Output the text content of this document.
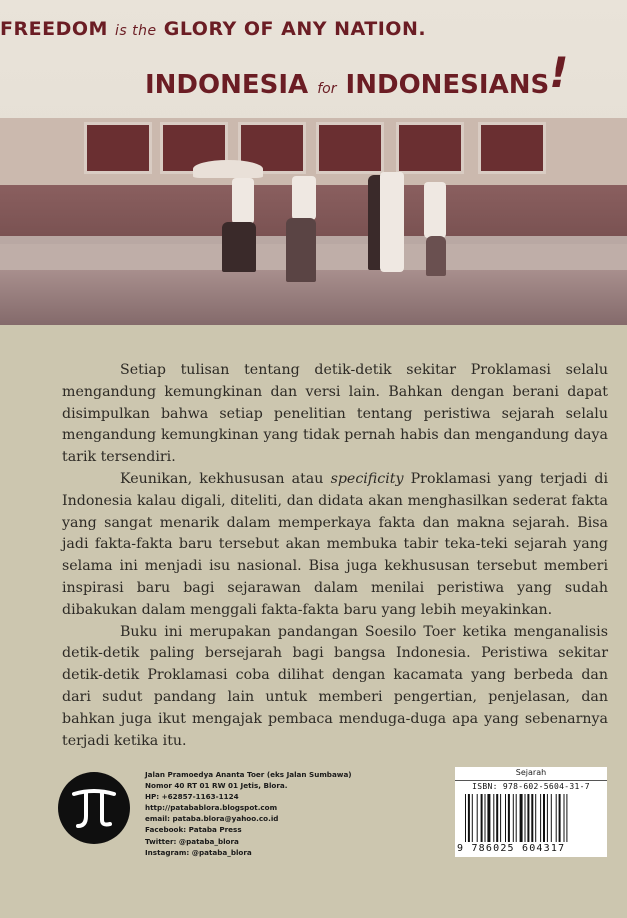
FREEDOM is the GLORY OF ANY NATION.
INDONESIA for INDONESIANS!

Setiap tulisan tentang detik-detik sekitar Proklamasi selalu mengandung kemungkinan dan versi lain. Bahkan dengan berani dapat disimpulkan bahwa setiap penelitian tentang peristiwa sejarah selalu mengandung kemungkinan yang tidak pernah habis dan mengandung daya tarik tersendiri.

Keunikan, kekhususan atau specificity Proklamasi yang terjadi di Indonesia kalau digali, diteliti, dan didata akan menghasilkan sederat fakta yang sangat menarik dalam memperkaya fakta dan makna sejarah. Bisa jadi fakta-fakta baru tersebut akan membuka tabir teka-teki sejarah yang selama ini menjadi isu nasional. Bisa juga kekhususan tersebut memberi inspirasi baru bagi sejarawan dalam menilai peristiwa yang sudah dibakukan dalam menggali fakta-fakta baru yang lebih meyakinkan.

Buku ini merupakan pandangan Soesilo Toer ketika menganalisis detik-detik paling bersejarah bagi bangsa Indonesia. Peristiwa sekitar detik-detik Proklamasi coba dilihat dengan kacamata yang berbeda dan dari sudut pandang lain untuk memberi pengertian, penjelasan, dan bahkan juga ikut mengajak pembaca menduga-duga apa yang sebenarnya terjadi ketika itu.

Jalan Pramoedya Ananta Toer (eks Jalan Sumbawa)
Nomor 40 RT 01 RW 01 Jetis, Blora.
HP: +62857-1163-1124
http://patabablora.blogspot.com
email: pataba.blora@yahoo.co.id
Facebook: Pataba Press
Twitter: @pataba_blora
Instagram: @pataba_blora
Sejarah
ISBN: 978-602-5604-31-7
9 786025 604317
